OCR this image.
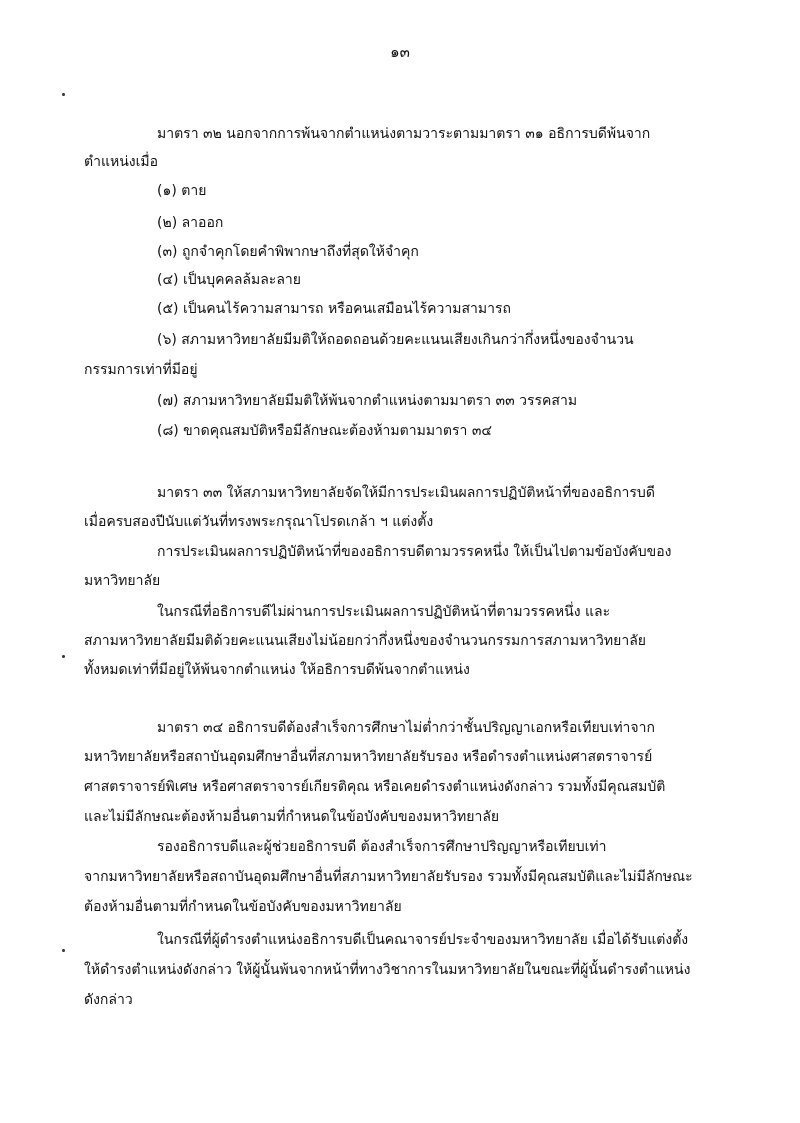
๑๓
มาตรา ๓๒ นอกจากการพ้นจากตำแหน่งตามวาระตามมาตรา ๓๑ อธิการบดีพ้นจาก
ตำแหน่งเมื่อ
(๑) ตาย
(๒) ลาออก
(๓) ถูกจำคุกโดยคำพิพากษาถึงที่สุดให้จำคุก
(๔) เป็นบุคคลล้มละลาย
(๕) เป็นคนไร้ความสามารถ หรือคนเสมือนไร้ความสามารถ
(๖) สภามหาวิทยาลัยมีมติให้ถอดถอนด้วยคะแนนเสียงเกินกว่ากึ่งหนึ่งของจำนวน
กรรมการเท่าที่มีอยู่
(๗) สภามหาวิทยาลัยมีมติให้พ้นจากตำแหน่งตามมาตรา ๓๓ วรรคสาม
(๘) ขาดคุณสมบัติหรือมีลักษณะต้องห้ามตามมาตรา ๓๔
มาตรา ๓๓ ให้สภามหาวิทยาลัยจัดให้มีการประเมินผลการปฏิบัติหน้าที่ของอธิการบดี
เมื่อครบสองปีนับแต่วันที่ทรงพระกรุณาโปรดเกล้า ฯ แต่งตั้ง
การประเมินผลการปฏิบัติหน้าที่ของอธิการบดีตามวรรคหนึ่ง ให้เป็นไปตามข้อบังคับของ
มหาวิทยาลัย
ในกรณีที่อธิการบดีไม่ผ่านการประเมินผลการปฏิบัติหน้าที่ตามวรรคหนึ่ง และ
สภามหาวิทยาลัยมีมติด้วยคะแนนเสียงไม่น้อยกว่ากึ่งหนึ่งของจำนวนกรรมการสภามหาวิทยาลัย
ทั้งหมดเท่าที่มีอยู่ให้พ้นจากตำแหน่ง ให้อธิการบดีพ้นจากตำแหน่ง
มาตรา ๓๔ อธิการบดีต้องสำเร็จการศึกษาไม่ต่ำกว่าชั้นปริญญาเอกหรือเทียบเท่าจาก
มหาวิทยาลัยหรือสถาบันอุดมศึกษาอื่นที่สภามหาวิทยาลัยรับรอง หรือดำรงตำแหน่งศาสตราจารย์
ศาสตราจารย์พิเศษ หรือศาสตราจารย์เกียรติคุณ หรือเคยดำรงตำแหน่งดังกล่าว รวมทั้งมีคุณสมบัติ
และไม่มีลักษณะต้องห้ามอื่นตามที่กำหนดในข้อบังคับของมหาวิทยาลัย
รองอธิการบดีและผู้ช่วยอธิการบดี ต้องสำเร็จการศึกษาปริญญาหรือเทียบเท่า
จากมหาวิทยาลัยหรือสถาบันอุดมศึกษาอื่นที่สภามหาวิทยาลัยรับรอง รวมทั้งมีคุณสมบัติและไม่มีลักษณะ
ต้องห้ามอื่นตามที่กำหนดในข้อบังคับของมหาวิทยาลัย
ในกรณีที่ผู้ดำรงตำแหน่งอธิการบดีเป็นคณาจารย์ประจำของมหาวิทยาลัย เมื่อได้รับแต่งตั้ง
ให้ดำรงตำแหน่งดังกล่าว ให้ผู้นั้นพ้นจากหน้าที่ทางวิชาการในมหาวิทยาลัยในขณะที่ผู้นั้นดำรงตำแหน่ง
ดังกล่าว
